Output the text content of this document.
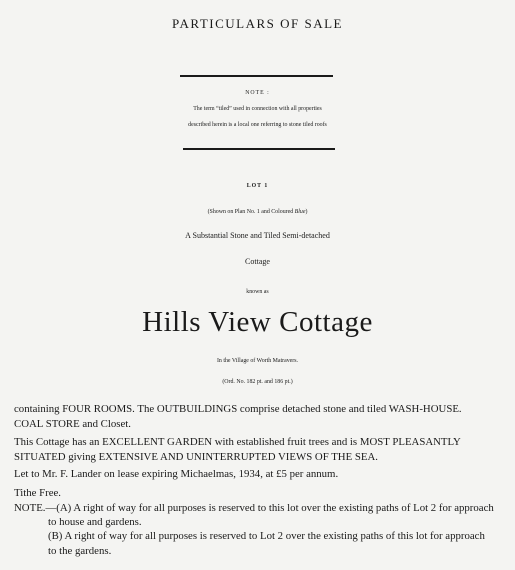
PARTICULARS OF SALE
NOTE :
The term “tiled” used in connection with all properties
described herein is a local one referring to stone tiled roofs
LOT 1
(Shown on Plan No. 1 and Coloured Blue)
A Substantial Stone and Tiled Semi-detached
Cottage
known as
Hills View Cottage
In the Village of Worth Matravers.
(Ord. No. 182 pt. and 186 pt.)
containing FOUR ROOMS. The OUTBUILDINGS comprise detached stone and tiled WASH-HOUSE.
COAL STORE and Closet.
This Cottage has an EXCELLENT GARDEN with established fruit trees and is MOST PLEASANTLY
SITUATED giving EXTENSIVE AND UNINTERRUPTED VIEWS OF THE SEA.
Let to Mr. F. Lander on lease expiring Michaelmas, 1934, at £5 per annum.
Tithe Free.
NOTE.—(A) A right of way for all purposes is reserved to this lot over the existing paths of Lot 2 for approach
to house and gardens.
(B) A right of way for all purposes is reserved to Lot 2 over the existing paths of this lot for approach
to the gardens.
